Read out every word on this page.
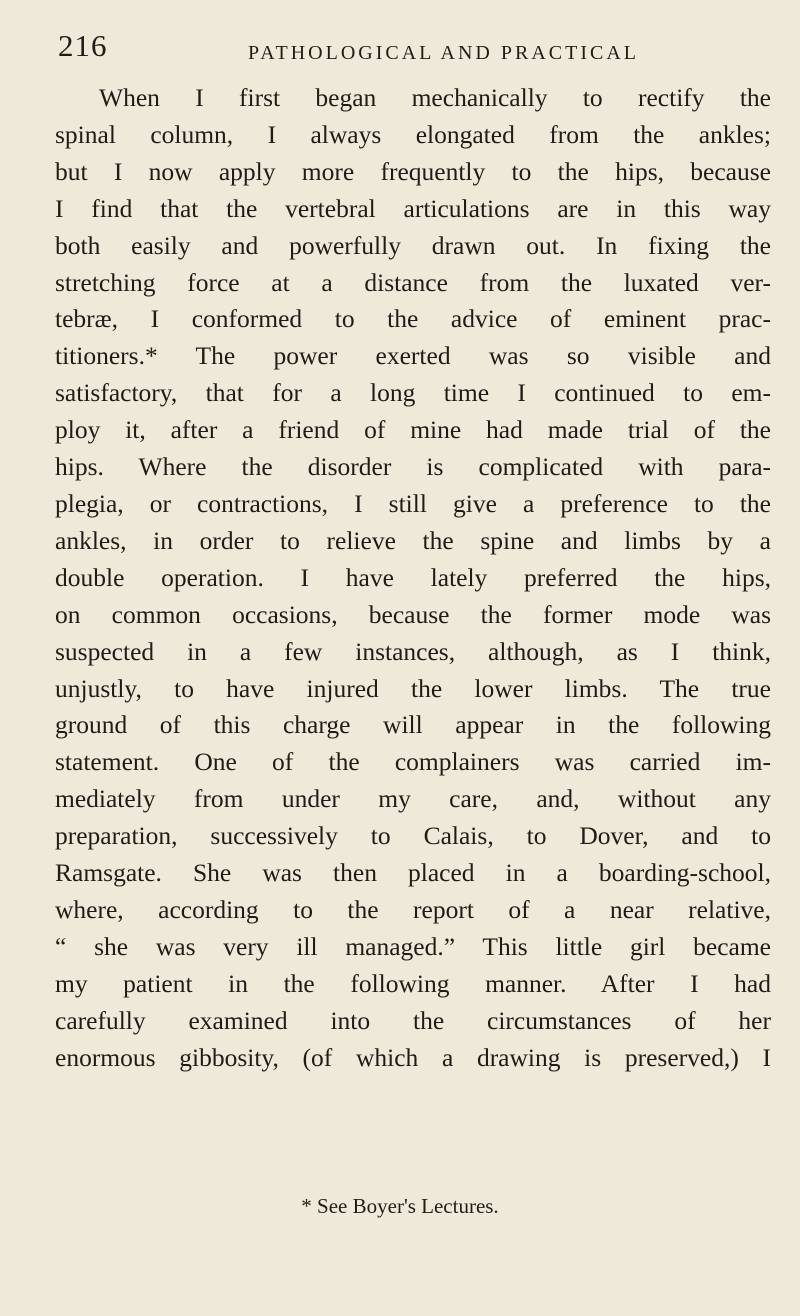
216	PATHOLOGICAL AND PRACTICAL
When I first began mechanically to rectify the
spinal column, I always elongated from the ankles;
but I now apply more frequently to the hips, because
I find that the vertebral articulations are in this way
both easily and powerfully drawn out. In fixing the
stretching force at a distance from the luxated ver-
tebræ, I conformed to the advice of eminent prac-
titioners.* The power exerted was so visible and
satisfactory, that for a long time I continued to em-
ploy it, after a friend of mine had made trial of the
hips. Where the disorder is complicated with para-
plegia, or contractions, I still give a preference to the
ankles, in order to relieve the spine and limbs by a
double operation. I have lately preferred the hips,
on common occasions, because the former mode was
suspected in a few instances, although, as I think,
unjustly, to have injured the lower limbs. The true
ground of this charge will appear in the following
statement. One of the complainers was carried im-
mediately from under my care, and, without any
preparation, successively to Calais, to Dover, and to
Ramsgate. She was then placed in a boarding-school,
where, according to the report of a near relative,
“ she was very ill managed.” This little girl became
my patient in the following manner. After I had
carefully examined into the circumstances of her
enormous gibbosity, (of which a drawing is preserved,) I
* See Boyer's Lectures.
